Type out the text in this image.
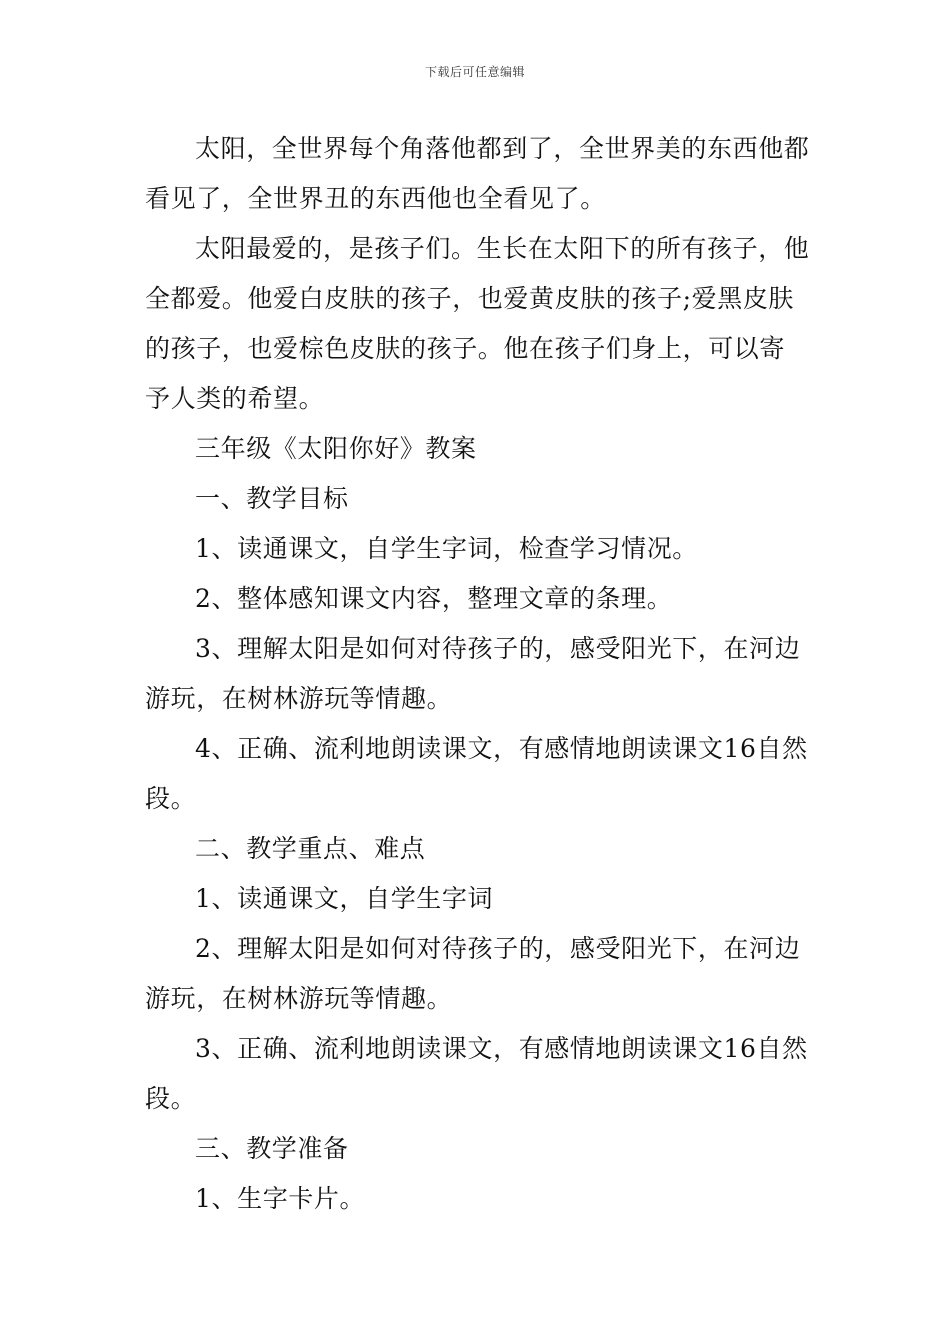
下载后可任意编辑

太阳，全世界每个角落他都到了，全世界美的东西他都看见了，全世界丑的东西他也全看见了。

太阳最爱的，是孩子们。生长在太阳下的所有孩子，他全都爱。他爱白皮肤的孩子，也爱黄皮肤的孩子;爱黑皮肤的孩子，也爱棕色皮肤的孩子。他在孩子们身上，可以寄予人类的希望。

三年级《太阳你好》教案

一、教学目标

1、读通课文，自学生字词，检查学习情况。

2、整体感知课文内容，整理文章的条理。

3、理解太阳是如何对待孩子的，感受阳光下，在河边游玩，在树林游玩等情趣。

4、正确、流利地朗读课文，有感情地朗读课文16自然段。

二、教学重点、难点

1、读通课文，自学生字词

2、理解太阳是如何对待孩子的，感受阳光下，在河边游玩，在树林游玩等情趣。

3、正确、流利地朗读课文，有感情地朗读课文16自然段。

三、教学准备

1、生字卡片。
